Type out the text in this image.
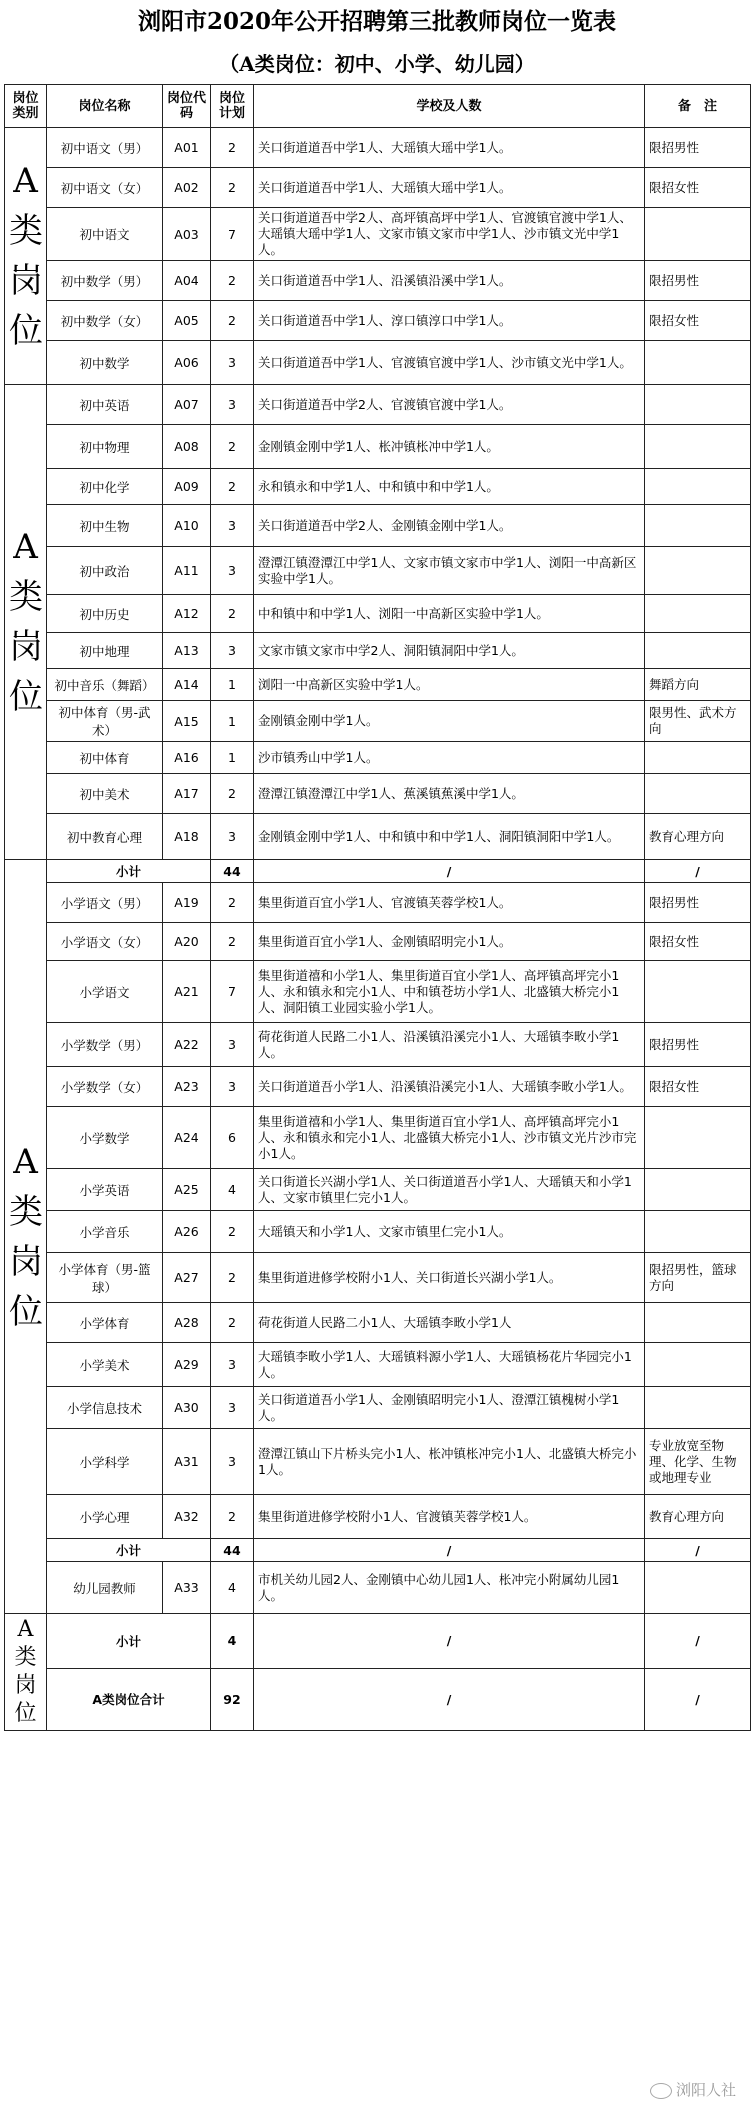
浏阳市2020年公开招聘第三批教师岗位一览表
（A类岗位：初中、小学、幼儿园）
岗位类别	岗位名称	岗位代码	岗位计划	学校及人数	备　注

A
类
岗
位	初中语文（男）	A01	2	关口街道道吾中学1人、大瑶镇大瑶中学1人。	限招男性
	初中语文（女）	A02	2	关口街道道吾中学1人、大瑶镇大瑶中学1人。	限招女性
	初中语文	A03	7	关口街道道吾中学2人、高坪镇高坪中学1人、官渡镇官渡中学1人、大瑶镇大瑶中学1人、文家市镇文家市中学1人、沙市镇文光中学1人。	
	初中数学（男）	A04	2	关口街道道吾中学1人、沿溪镇沿溪中学1人。	限招男性
	初中数学（女）	A05	2	关口街道道吾中学1人、淳口镇淳口中学1人。	限招女性
	初中数学	A06	3	关口街道道吾中学1人、官渡镇官渡中学1人、沙市镇文光中学1人。	

A
类
岗
位	初中英语	A07	3	关口街道道吾中学2人、官渡镇官渡中学1人。	
	初中物理	A08	2	金刚镇金刚中学1人、枨冲镇枨冲中学1人。	
	初中化学	A09	2	永和镇永和中学1人、中和镇中和中学1人。	
	初中生物	A10	3	关口街道道吾中学2人、金刚镇金刚中学1人。	
	初中政治	A11	3	澄潭江镇澄潭江中学1人、文家市镇文家市中学1人、浏阳一中高新区实验中学1人。	
	初中历史	A12	2	中和镇中和中学1人、浏阳一中高新区实验中学1人。	
	初中地理	A13	3	文家市镇文家市中学2人、洞阳镇洞阳中学1人。	
	初中音乐（舞蹈）	A14	1	浏阳一中高新区实验中学1人。	舞蹈方向
	初中体育（男-武术）	A15	1	金刚镇金刚中学1人。	限男性、武术方向
	初中体育	A16	1	沙市镇秀山中学1人。	
	初中美术	A17	2	澄潭江镇澄潭江中学1人、蕉溪镇蕉溪中学1人。	
	初中教育心理	A18	3	金刚镇金刚中学1人、中和镇中和中学1人、洞阳镇洞阳中学1人。	教育心理方向

A
类
岗
位	小计		44	/	/
	小学语文（男）	A19	2	集里街道百宜小学1人、官渡镇芙蓉学校1人。	限招男性
	小学语文（女）	A20	2	集里街道百宜小学1人、金刚镇昭明完小1人。	限招女性
	小学语文	A21	7	集里街道禧和小学1人、集里街道百宜小学1人、高坪镇高坪完小1人、永和镇永和完小1人、中和镇苍坊小学1人、北盛镇大桥完小1人、洞阳镇工业园实验小学1人。	
	小学数学（男）	A22	3	荷花街道人民路二小1人、沿溪镇沿溪完小1人、大瑶镇李畋小学1人。	限招男性
	小学数学（女）	A23	3	关口街道道吾小学1人、沿溪镇沿溪完小1人、大瑶镇李畋小学1人。	限招女性
	小学数学	A24	6	集里街道禧和小学1人、集里街道百宜小学1人、高坪镇高坪完小1人、永和镇永和完小1人、北盛镇大桥完小1人、沙市镇文光片沙市完小1人。	
	小学英语	A25	4	关口街道长兴湖小学1人、关口街道道吾小学1人、大瑶镇天和小学1人、文家市镇里仁完小1人。	
	小学音乐	A26	2	大瑶镇天和小学1人、文家市镇里仁完小1人。	
	小学体育（男-篮球）	A27	2	集里街道进修学校附小1人、关口街道长兴湖小学1人。	限招男性，篮球方向
	小学体育	A28	2	荷花街道人民路二小1人、大瑶镇李畋小学1人	
	小学美术	A29	3	大瑶镇李畋小学1人、大瑶镇料源小学1人、大瑶镇杨花片华园完小1人。	
	小学信息技术	A30	3	关口街道道吾小学1人、金刚镇昭明完小1人、澄潭江镇槐树小学1人。	
	小学科学	A31	3	澄潭江镇山下片桥头完小1人、枨冲镇枨冲完小1人、北盛镇大桥完小1人。	专业放宽至物理、化学、生物或地理专业
	小学心理	A32	2	集里街道进修学校附小1人、官渡镇芙蓉学校1人。	教育心理方向
	小计		44	/	/
	幼儿园教师	A33	4	市机关幼儿园2人、金刚镇中心幼儿园1人、枨冲完小附属幼儿园1人。	

A
类
岗
位	小计		4	/	/
	A类岗位合计		92	/	/
浏阳人社
